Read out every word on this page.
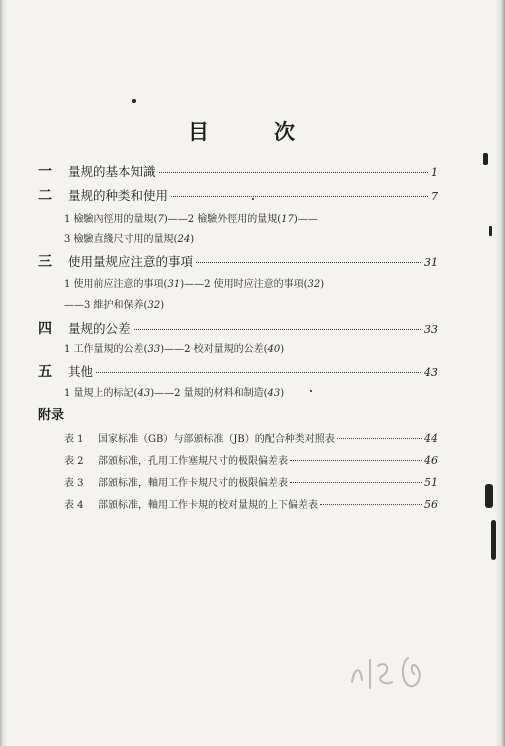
目　次
一	量规的基本知識	1
二	量规的种类和使用	7
1 檢驗內徑用的量規( 7 )——2 檢驗外徑用的量規( 17 )——
3 檢驗直綫尺寸用的量規( 24 )
三	使用量规应注意的事項	31
1 使用前应注意的事項( 31 )——2 使用时应注意的事項( 32 )
——3 維护和保养( 32 )
四	量规的公差	33
1 工作量規的公差( 33 )——2 校对量規的公差( 40 )
五	其他	43
1 量規上的标記( 43 )——2 量規的材料和制造( 43 )
附录
表 1	国家标准（GB）与部頒标准（JB）的配合种类对照表	44
表 2	部頒标准，孔用工作塞規尺寸的极限偏差表	46
表 3	部頒标准，軸用工作卡規尺寸的极限偏差表	51
表 4	部頒标准，軸用工作卡規的校对量規的上下偏差表	56
